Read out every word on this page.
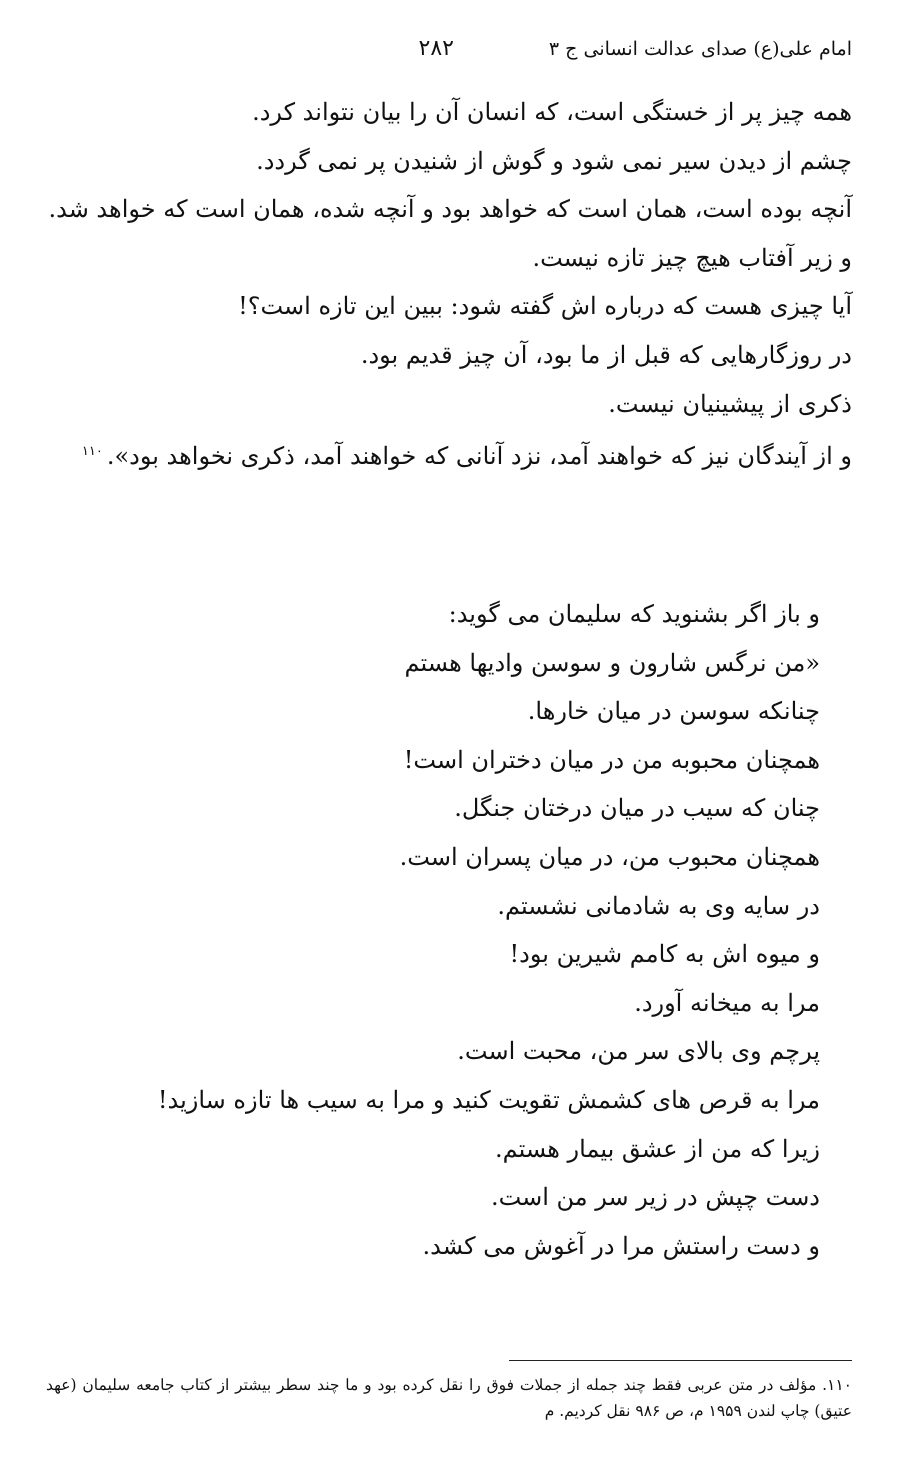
امام علی(ع) صدای عدالت انسانی ج ۳
۲۸۲
همه چیز پر از خستگی است، که انسان آن را بیان نتواند کرد.
چشم از دیدن سیر نمی شود و گوش از شنیدن پر نمی گردد.
آنچه بوده است، همان است که خواهد بود و آنچه شده، همان است که خواهد شد.
و زیر آفتاب هیچ چیز تازه نیست.
آیا چیزی هست که درباره اش گفته شود: ببین این تازه است؟!
در روزگارهایی که قبل از ما بود، آن چیز قدیم بود.
ذکری از پیشینیان نیست.
و از آیندگان نیز که خواهند آمد، نزد آنانی که خواهند آمد، ذکری نخواهد بود».$^{۱۱۰}$
و باز اگر بشنوید که سلیمان می گوید:
«من نرگس شارون و سوسن وادیها هستم
چنانکه سوسن در میان خارها.
همچنان محبوبه من در میان دختران است!
چنان که سیب در میان درختان جنگل.
همچنان محبوب من، در میان پسران است.
در سایه وی به شادمانی نشستم.
و میوه اش به کامم شیرین بود!
مرا به میخانه آورد.
پرچم وی بالای سر من، محبت است.
مرا به قرص های کشمش تقویت کنید و مرا به سیب ها تازه سازید!
زیرا که من از عشق بیمار هستم.
دست چپش در زیر سر من است.
و دست راستش مرا در آغوش می کشد.
۱۱۰. مؤلف در متن عربی فقط چند جمله از جملات فوق را نقل کرده بود و ما چند سطر بیشتر از کتاب جامعه سلیمان (عهد عتیق) چاپ لندن ۱۹۵۹ م، ص ۹۸۶ نقل کردیم. م
